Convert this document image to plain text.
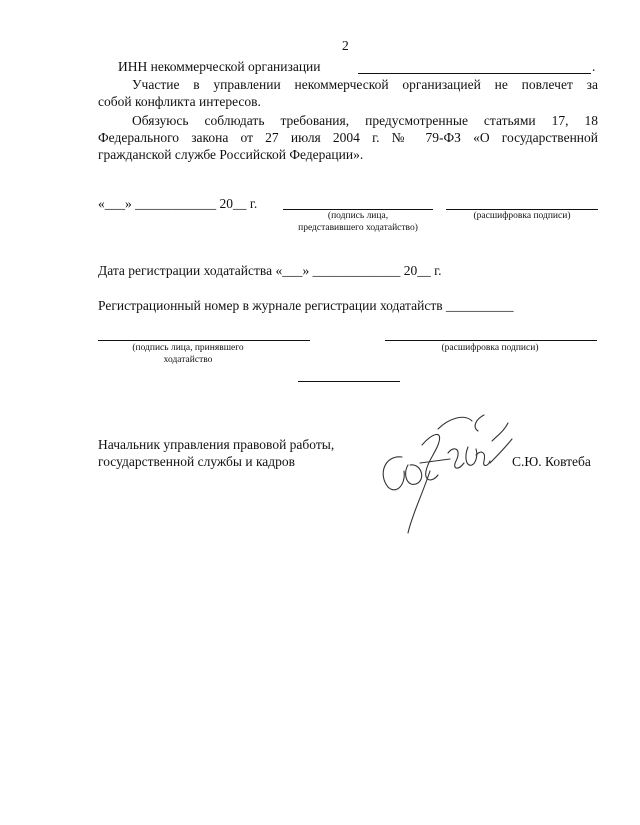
2
ИНН некоммерческой организации	.
Участие в управлении некоммерческой организацией не повлечет за
собой конфликта интересов.
Обязуюсь соблюдать требования, предусмотренные статьями 17, 18
Федерального закона от 27 июля 2004 г. № 79-ФЗ «О государственной
гражданской службе Российской Федерации».
«___» ____________ 20__ г.
(подпись лица,
представившего ходатайство)
(расшифровка подписи)
Дата регистрации ходатайства «___» _____________ 20__ г.
Регистрационный номер в журнале регистрации ходатайств __________
(подпись лица, принявшего
ходатайство
(расшифровка подписи)
Начальник управления правовой работы,
государственной службы и кадров	С.Ю. Ковтеба
